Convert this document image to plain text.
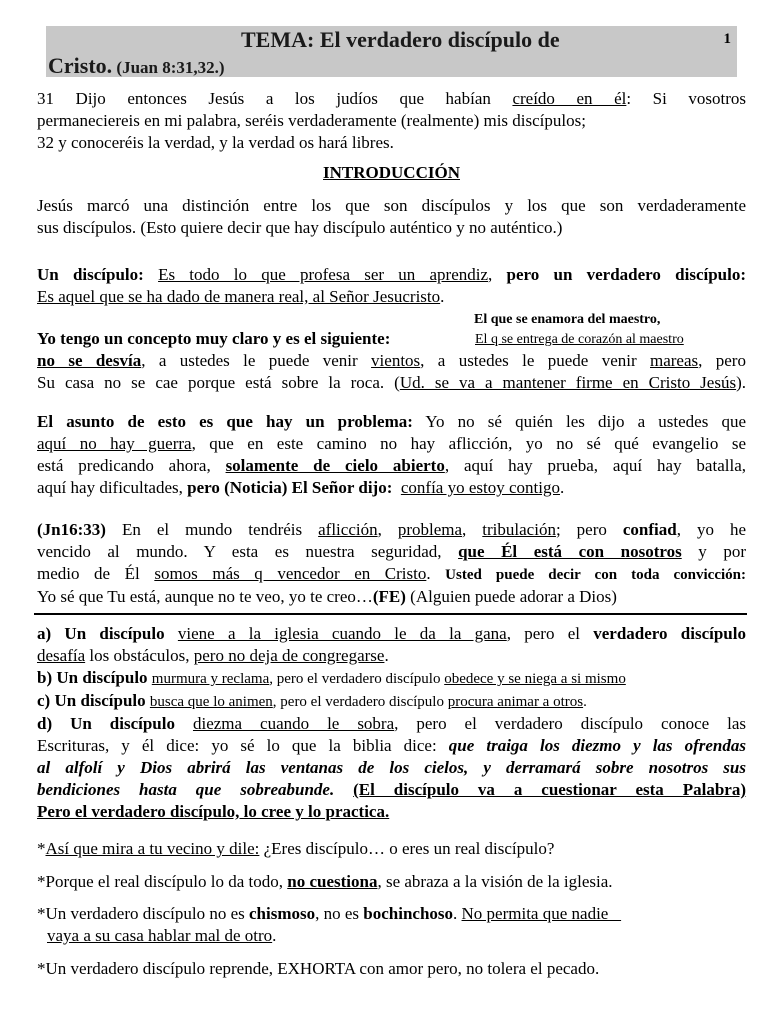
TEMA: El verdadero discípulo de
Cristo. (Juan 8:31,32.)
1

31 Dijo entonces Jesús a los judíos que habían creído en él: Si vosotros

permaneciereis en mi palabra, seréis verdaderamente (realmente) mis discípulos;

32 y conoceréis la verdad, y la verdad os hará libres.

INTRODUCCIÓN

Jesús marcó una distinción entre los que son discípulos y los que son verdaderamente

sus discípulos. (Esto quiere decir que hay discípulo auténtico y no auténtico.)

Un discípulo: Es todo lo que profesa ser un aprendiz, pero un verdadero discípulo:

Es aquel que se ha dado de manera real, al Señor Jesucristo.

El que se enamora del maestro,

Yo tengo un concepto muy claro y es el siguiente:	El q se entrega de corazón al maestro

no se desvía, a ustedes le puede venir vientos, a ustedes le puede venir mareas, pero

Su casa no se cae porque está sobre la roca. (Ud. se va a mantener firme en Cristo Jesús).

El asunto de esto es que hay un problema: Yo no sé quién les dijo a ustedes que

aquí no hay guerra, que en este camino no hay aflicción, yo no sé qué evangelio se

está predicando ahora, solamente de cielo abierto, aquí hay prueba, aquí hay batalla,

aquí hay dificultades, pero (Noticia) El Señor dijo: confía yo estoy contigo.

(Jn16:33) En el mundo tendréis aflicción, problema, tribulación; pero confiad, yo he

vencido al mundo. Y esta es nuestra seguridad, que Él está con nosotros y por

medio de Él somos más q vencedor en Cristo. Usted puede decir con toda convicción:

Yo sé que Tu está, aunque no te veo, yo te creo…(FE) (Alguien puede adorar a Dios)

a) Un discípulo viene a la iglesia cuando le da la gana, pero el verdadero discípulo

desafía los obstáculos, pero no deja de congregarse.

b) Un discípulo murmura y reclama, pero el verdadero discípulo obedece y se niega a si mismo

c) Un discípulo busca que lo animen, pero el verdadero discípulo procura animar a otros.

d) Un discípulo diezma cuando le sobra, pero el verdadero discípulo conoce las

Escrituras, y él dice: yo sé lo que la biblia dice: que traiga los diezmo y las ofrendas

al alfolí y Dios abrirá las ventanas de los cielos, y derramará sobre nosotros sus

bendiciones hasta que sobreabunde. (El discípulo va a cuestionar esta Palabra)

Pero el verdadero discípulo, lo cree y lo practica.

*Así que mira a tu vecino y dile: ¿Eres discípulo… o eres un real discípulo?

*Porque el real discípulo lo da todo, no cuestiona, se abraza a la visión de la iglesia.

*Un verdadero discípulo no es chismoso, no es bochinchoso. No permita que nadie

vaya a su casa hablar mal de otro.

*Un verdadero discípulo reprende, EXHORTA con amor pero, no tolera el pecado.
